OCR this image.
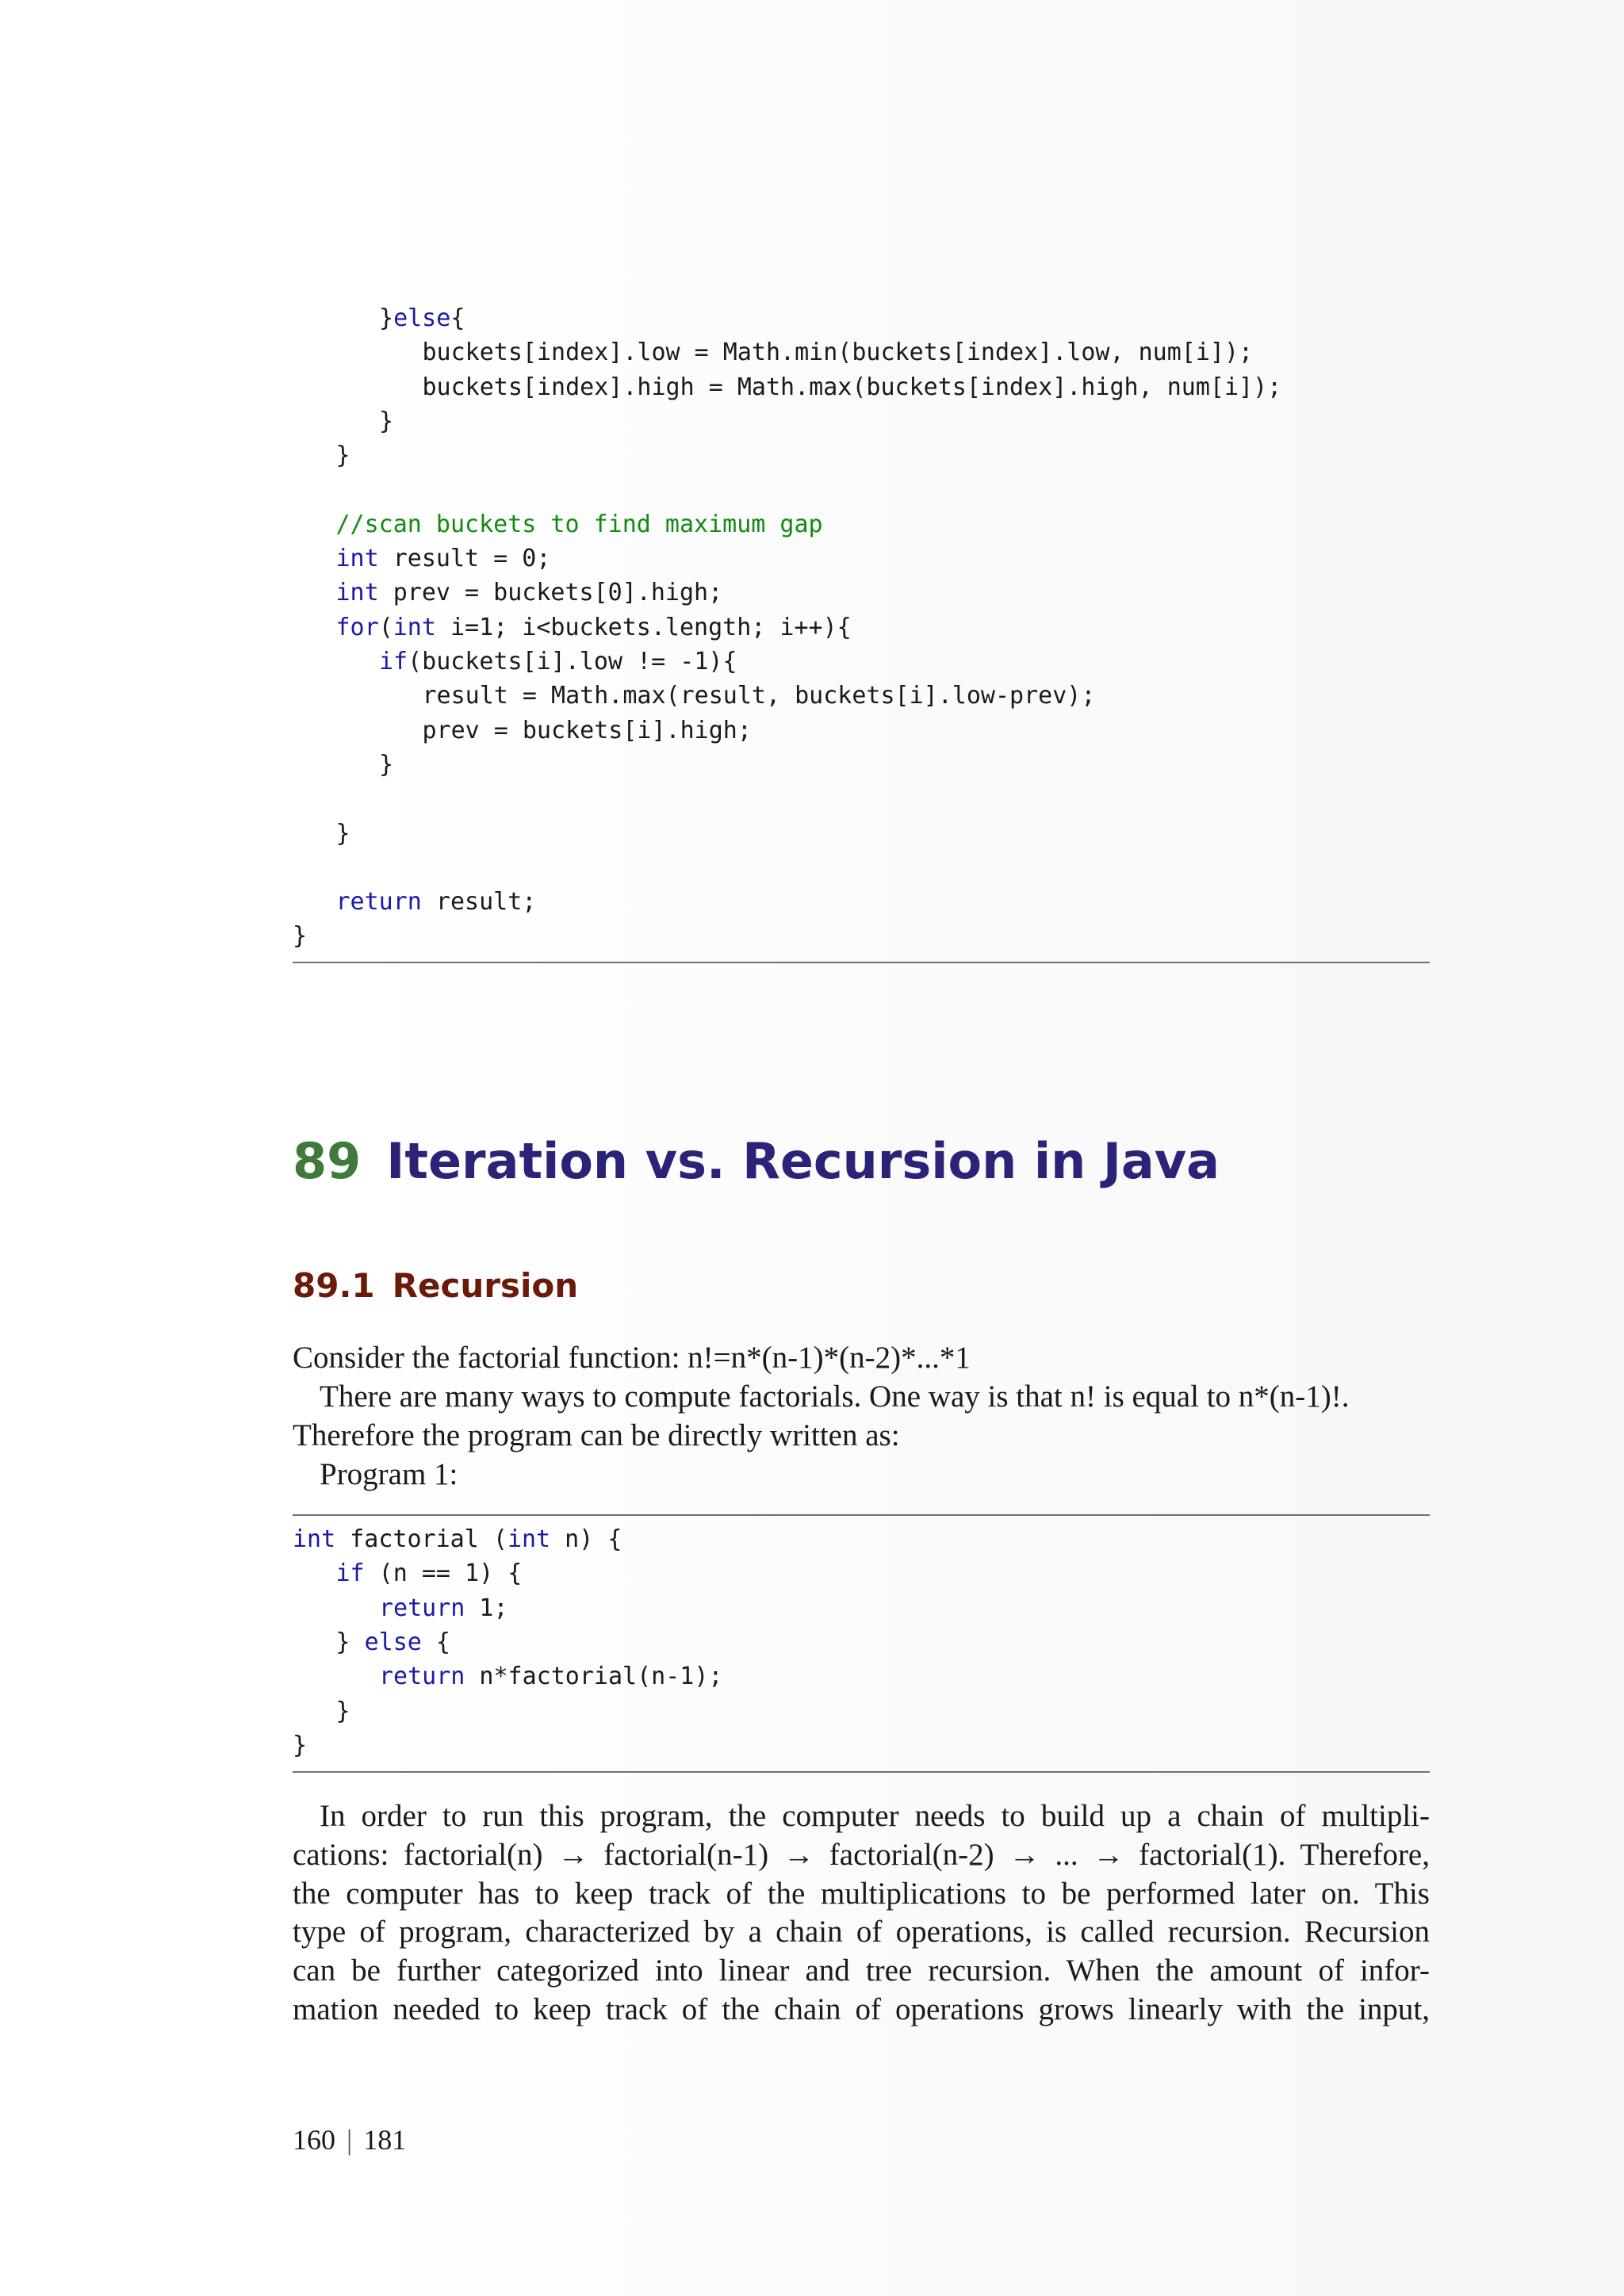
}else{
buckets[index].low = Math.min(buckets[index].low, num[i]);
buckets[index].high = Math.max(buckets[index].high, num[i]);
}
}
//scan buckets to find maximum gap
int result = 0;
int prev = buckets[0].high;
for(int i=1; i<buckets.length; i++){
if(buckets[i].low != -1){
result = Math.max(result, buckets[i].low-prev);
prev = buckets[i].high;
}
}
return result;
}
89 Iteration vs. Recursion in Java
89.1 Recursion
Consider the factorial function: n!=n*(n-1)*(n-2)*...*1
There are many ways to compute factorials. One way is that n! is equal to n*(n-1)!.
Therefore the program can be directly written as:
Program 1:
int factorial (int n) {
if (n == 1) {
return 1;
} else {
return n*factorial(n-1);
}
}
In order to run this program, the computer needs to build up a chain of multipli-
cations: factorial(n) → factorial(n-1) → factorial(n-2) → ... → factorial(1). Therefore,
the computer has to keep track of the multiplications to be performed later on. This
type of program, characterized by a chain of operations, is called recursion. Recursion
can be further categorized into linear and tree recursion. When the amount of infor-
mation needed to keep track of the chain of operations grows linearly with the input,
160 | 181
